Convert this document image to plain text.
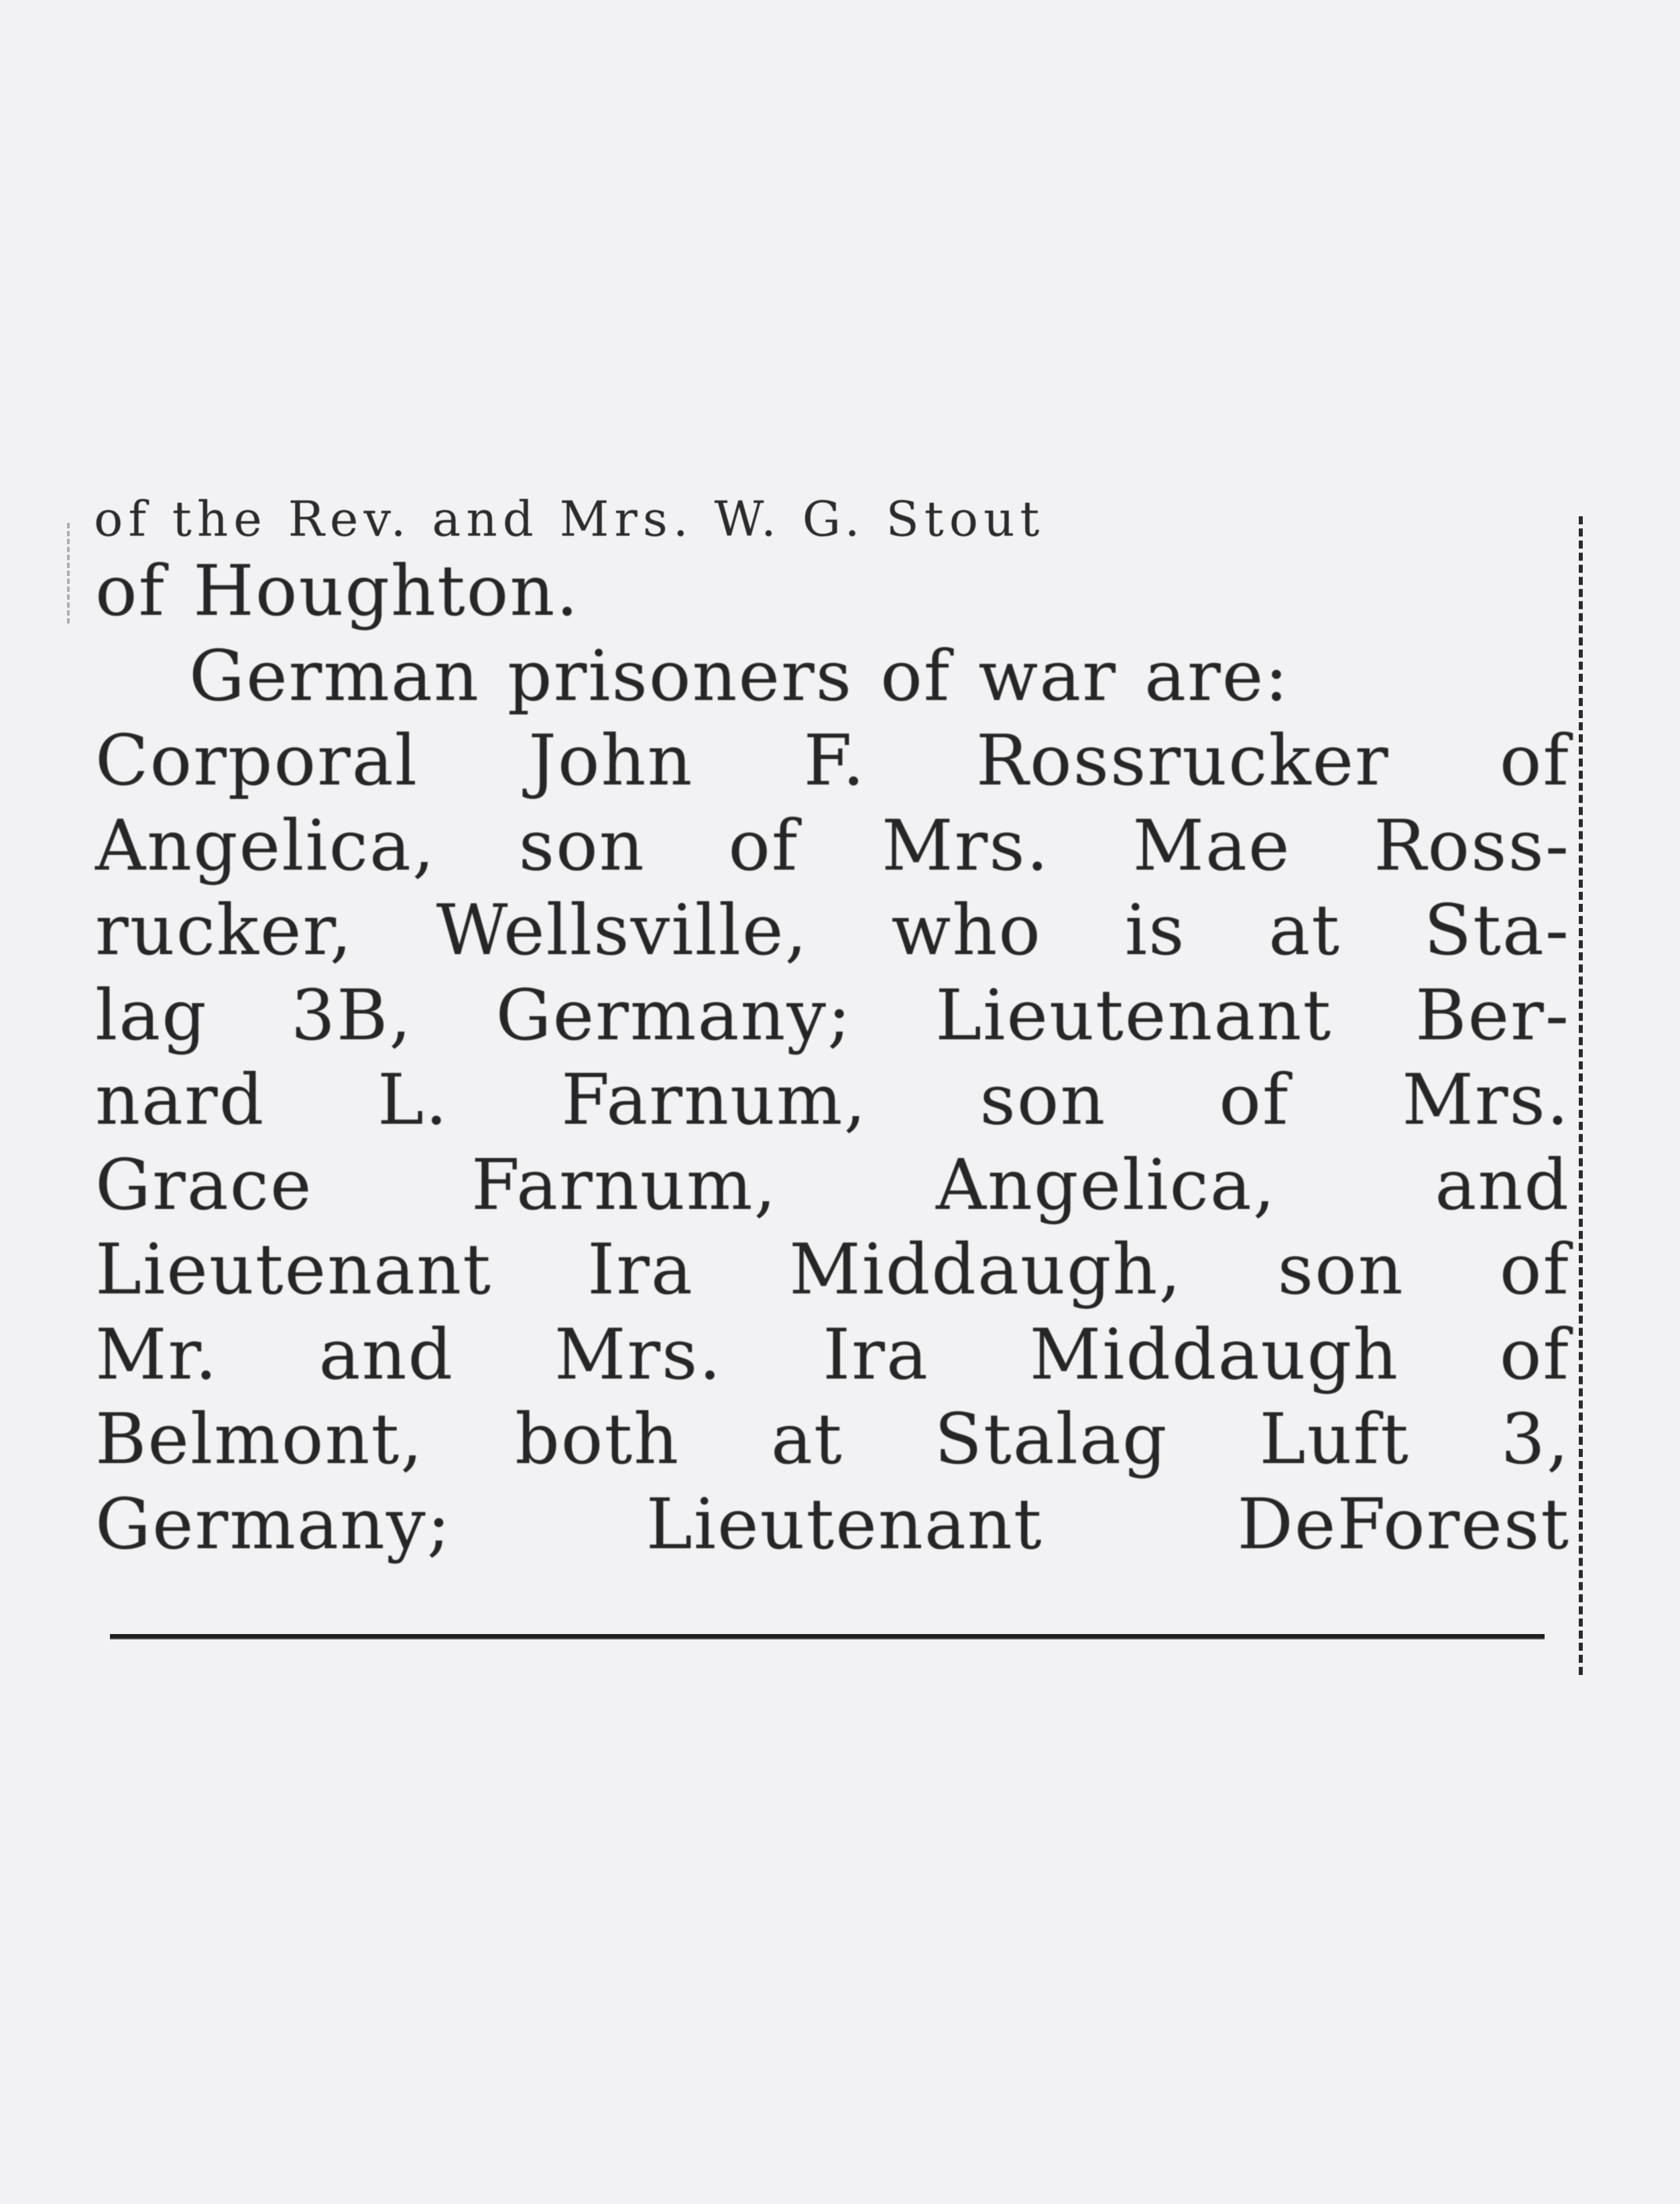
of the Rev. and Mrs. W. G. Stout
of Houghton.
German prisoners of war are:
Corporal John F. Rossrucker of
Angelica, son of Mrs. Mae Ross-
rucker, Wellsville, who is at Sta-
lag 3B, Germany; Lieutenant Ber-
nard L. Farnum, son of Mrs.
Grace Farnum, Angelica, and
Lieutenant Ira Middaugh, son of
Mr. and Mrs. Ira Middaugh of
Belmont, both at Stalag Luft 3,
Germany; Lieutenant DeForest
